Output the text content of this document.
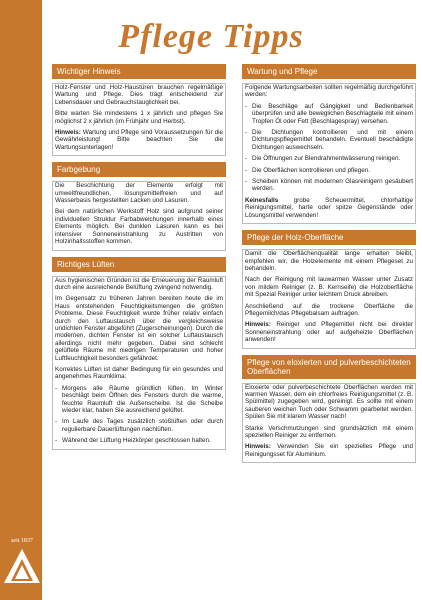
seit 1837
Pflege Tipps
Wichtiger Hinweis

Holz-Fenster und Holz-Haustüren brauchen regelmäßige Wartung und Pflege. Dies trägt entscheidend zur Lebensdauer und Gebrauchstauglichkeit bei.

Bitte warten Sie mindestens 1 x jährlich und pflegen Sie möglichst 2 x jährlich (im Frühjahr und Herbst).

Hinweis: Wartung und Pflege sind Voraussetzungen für die Gewährleistung! Bitte beachten Sie die Wartungsunterlagen!

Farbgebung

Die Beschichtung der Elemente erfolgt mit umweltfreundlichen, lösungsmittelfreien und auf Wasserbasis hergestellten Lacken und Lasuren.

Bei dem natürlichen Werkstoff Holz sind aufgrund seiner individuellen Struktur Farbabweichungen innerhalb eines Elements möglich. Bei dunklen Lasuren kann es bei intensiver Sonneneinstrahlung zu Austritten von Holzinhaltsstoffen kommen.

Richtiges Lüften

Aus hygienischen Gründen ist die Erneuerung der Raumluft durch eine ausreichende Belüftung zwingend notwendig.

Im Gegensatz zu früheren Jahren bereiten heute die im Haus entstehenden Feuchtigkeitsmengen die größten Probleme. Diese Feuchtigkeit wurde früher relativ einfach durch den Luftaustausch über die vergleichsweise undichten Fenster abgeführt (Zugerscheinungen). Durch die modernen, dichten Fenster ist ein solcher Luftaustausch allerdings nicht mehr gegeben. Dabei sind schlecht gelüftete Räume mit niedrigen Temperaturen und hoher Luftfeuchtigkeit besonders gefährdet.

Korrektes Lüften ist daher Bedingung für ein gesundes und angenehmes Raumklima:

- Morgens alle Räume gründlich lüften. Im Winter beschlägt beim Öffnen des Fensters durch die warme, feuchte Raumluft die Außenscheibe. Ist die Scheibe wieder klar, haben Sie ausreichend gelüftet.

- Im Laufe des Tages zusätzlich stoßlüften oder durch regulierbare Dauerlüftungen nachlüften.

- Während der Lüftung Heizkörper geschlossen halten.

Wartung und Pflege

Folgende Wartungsarbeiten sollten regelmäßig durchgeführt werden:

- Die Beschläge auf Gängigkeit und Bedienbarkeit überprüfen und alle beweglichen Beschlagteile mit einem Tropfen Öl oder Fett (Beschlagespray) versehen.

- Die Dichtungen kontrollieren und mit einem Dichtungspflegemittel behandeln. Eventuell beschädigte Dichtungen auswechseln.

- Die Öffnungen zur Blendrahmentwässerung reinigen.

- Die Oberflächen kontrollieren und pflegen.

- Scheiben können mit modernen Glasreinigern gesäubert werden.

Keinesfalls grobe Scheuermittel, chlorhaltige Reinigungsmittel, harte oder spitze Gegenstände oder Lösungsmittel verwenden!

Pflege der Holz-Oberfläche

Damit die Oberflächenqualität lange erhalten bleibt, empfehlen wir, die Holzelemente mit einem Pflegeset zu behandeln.

Nach der Reinigung mit lauwarmen Wasser unter Zusatz von mildem Reiniger (z. B. Kernseife) die Holzoberfläche mit Spezial Reiniger unter leichtem Druck abreiben.

Anschließend auf die trockene Oberfläche die Pflegemilch/das Pflegebalsam auftragen.

Hinweis: Reiniger und Pflegemittel nicht bei direkter Sonneneinstrahlung oder auf aufgeheizte Oberflächen anwenden!

Pflege von eloxierten und pulverbeschichteten Oberflächen

Eloxierte oder pulverbeschichtete Oberflächen werden mit warmen Wasser, dem ein chlorfreies Reinigungsmittel (z. B. Spülmittel) zugegeben wird, gereinigt. Es sollte mit einem sauberen weichen Tuch oder Schwamm gearbeitet werden. Spülen Sie mit klarem Wasser nach!

Starke Verschmutzungen sind grundsätzlich mit einem speziellen Reiniger zu entfernen.

Hinweis: Verwenden Sie ein spezielles Pflege und Reinigungsset für Aluminium.
